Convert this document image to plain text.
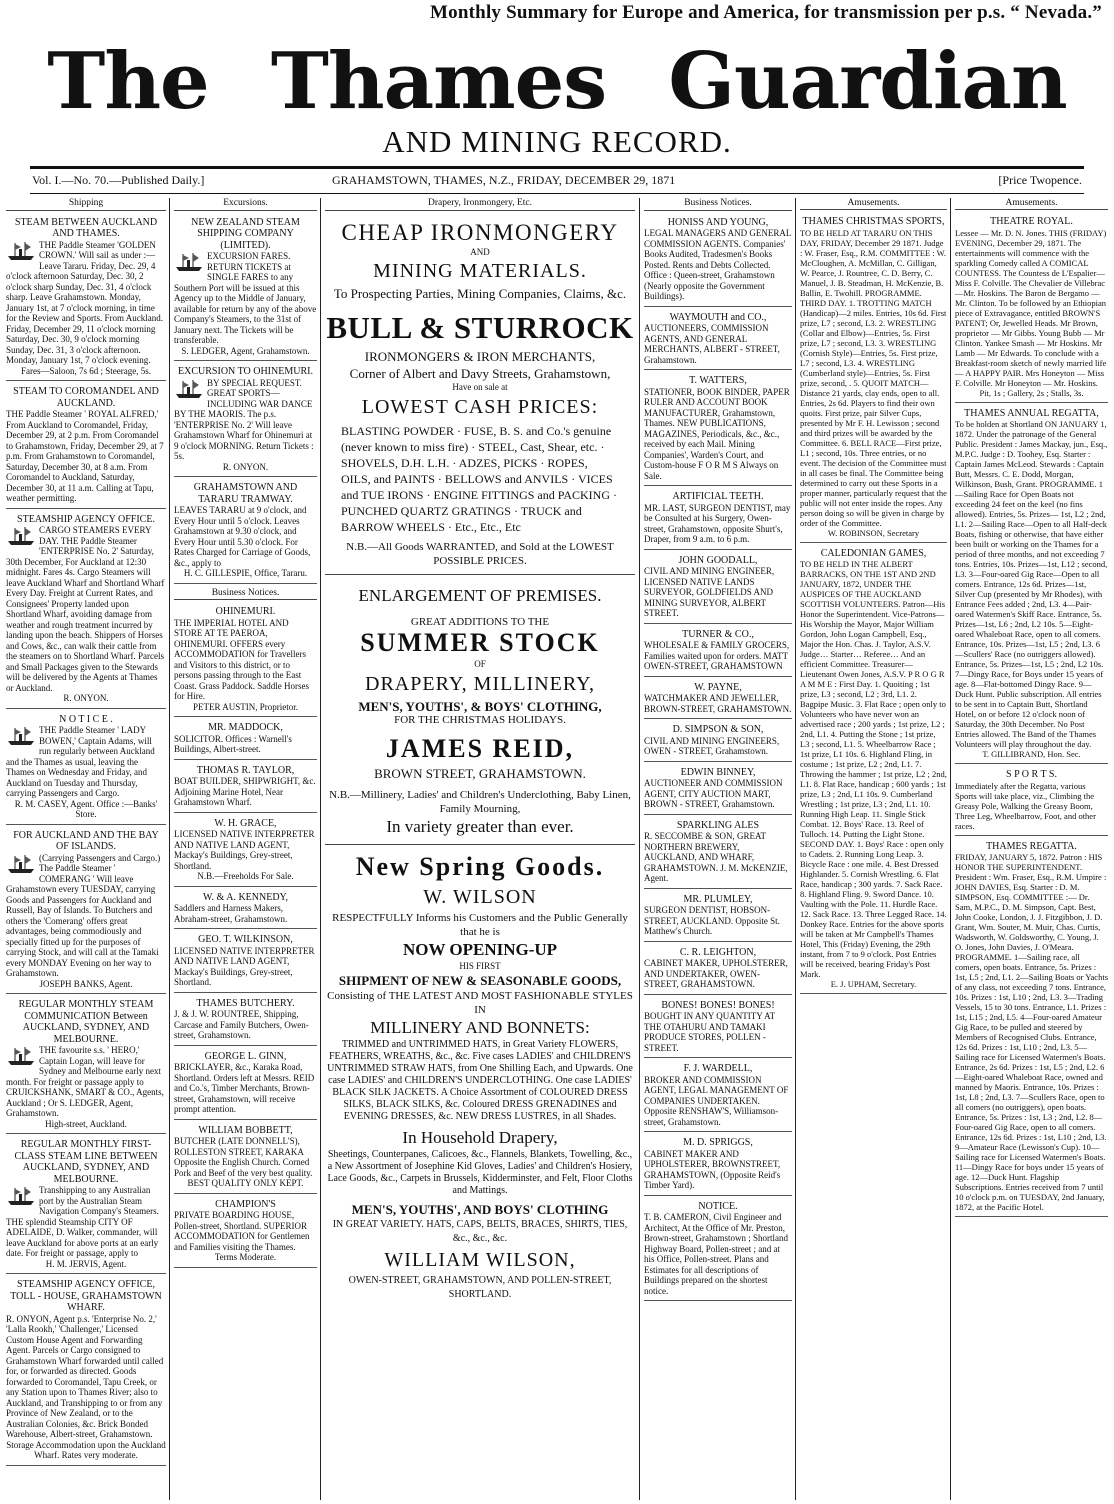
Monthly Summary for Europe and America, for transmission per p.s. “ Nevada.”
The Thames Guardian
AND MINING RECORD.
Vol. I.—No. 70.—Published Daily.]	GRAHAMSTOWN, THAMES, N.Z., FRIDAY, DECEMBER 29, 1871	[Price Twopence.
Shipping

STEAM BETWEEN AUCKLAND AND THAMES.

THE Paddle Steamer 'GOLDEN CROWN.' Will sail as under :— Leave Tararu. Friday, Dec. 29, 4 o'clock afternoon Saturday, Dec. 30, 2 o'clock sharp Sunday, Dec. 31, 4 o'clock sharp. Leave Grahamstown. Monday, January 1st, at 7 o'clock morning, in time for the Review and Sports. From Auckland. Friday, December 29, 11 o'clock morning Saturday, Dec. 30, 9 o'clock morning Sunday, Dec. 31, 3 o'clock afternoon. Monday, January 1st, 7 o'clock evening.

Fares—Saloon, 7s 6d ; Steerage, 5s.

STEAM TO COROMANDEL AND AUCKLAND.

THE Paddle Steamer ' ROYAL ALFRED,' From Auckland to Coromandel, Friday, December 29, at 2 p.m. From Coromandel to Grahamstown, Friday, December 29, at 7 p.m. From Grahamstown to Coromandel, Saturday, December 30, at 8 a.m. From Coromandel to Auckland, Saturday, December 30, at 11 a.m. Calling at Tapu, weather permitting.

STEAMSHIP AGENCY OFFICE.

CARGO STEAMERS EVERY DAY. THE Paddle Steamer 'ENTERPRISE No. 2' Saturday, 30th December, For Auckland at 12:30 midnight. Fares 4s. Cargo Steamers will leave Auckland Wharf and Shortland Wharf Every Day. Freight at Current Rates, and Consignees' Property landed upon Shortland Wharf, avoiding damage from weather and rough treatment incurred by landing upon the beach. Shippers of Horses and Cows, &c., can walk their cattle from the steamers on to Shortland Wharf. Parcels and Small Packages given to the Stewards will be delivered by the Agents at Thames or Auckland.

R. ONYON.

N O T I C E .

THE Paddle Steamer ' LADY BOWEN,' Captain Adams, will run regularly between Auckland and the Thames as usual, leaving the Thames on Wednesday and Friday, and Auckland on Tuesday and Thursday, carrying Passengers and Cargo.

R. M. CASEY, Agent. Office :—Banks' Store.

FOR AUCKLAND AND THE BAY OF ISLANDS.

(Carrying Passengers and Cargo.) The Paddle Steamer ' COMERANG ' Will leave Grahamstown every TUESDAY, carrying Goods and Passengers for Auckland and Russell, Bay of Islands. To Butchers and others the 'Comerang' offers great advantages, being commodiously and specially fitted up for the purposes of carrying Stock, and will call at the Tamaki every MONDAY Evening on her way to Grahamstown.

JOSEPH BANKS, Agent.

REGULAR MONTHLY STEAM COMMUNICATION Between AUCKLAND, SYDNEY, AND MELBOURNE.

THE favourite s.s. ' HERO,' Captain Logan, will leave for Sydney and Melbourne early next month. For freight or passage apply to CRUICKSHANK, SMART & CO., Agents, Auckland ; Or S. LEDGER, Agent, Grahamstown.

High-street, Auckland.

REGULAR MONTHLY FIRST-CLASS STEAM LINE BETWEEN AUCKLAND, SYDNEY, AND MELBOURNE.

Transhipping to any Australian port by the Australian Steam Navigation Company's Steamers. THE splendid Steamship CITY OF ADELAIDE, D. Walker, commander, will leave Auckland for above ports at an early date. For freight or passage, apply to

H. M. JERVIS, Agent.

STEAMSHIP AGENCY OFFICE, TOLL - HOUSE, GRAHAMSTOWN WHARF.

R. ONYON, Agent p.s. 'Enterprise No. 2,' 'Lalla Rookh,' 'Challenger,' Licensed Custom House Agent and Forwarding Agent. Parcels or Cargo consigned to Grahamstown Wharf forwarded until called for, or forwarded as directed. Goods forwarded to Coromandel, Tapu Creek, or any Station upon to Thames River; also to Auckland, and Transhipping to or from any Province of New Zealand, or to the Australian Colonies, &c. Brick Bonded Warehouse, Albert-street, Grahamstown.

Storage Accommodation upon the Auckland Wharf. Rates very moderate.

Excursions.

NEW ZEALAND STEAM SHIPPING COMPANY (LIMITED).

EXCURSION FARES. RETURN TICKETS at SINGLE FARES to any Southern Port will be issued at this Agency up to the Middle of January, available for return by any of the above Company's Steamers, to the 31st of January next. The Tickets will be transferable.

S. LEDGER, Agent, Grahamstown.

EXCURSION TO OHINEMURI.

BY SPECIAL REQUEST. GREAT SPORTS—INCLUDING WAR DANCE BY THE MAORIS. The p.s. 'ENTERPRISE No. 2' Will leave Grahamstown Wharf for Ohinemuri at 9 o'clock MORNING. Return Tickets : 5s.

R. ONYON.

GRAHAMSTOWN AND TARARU TRAMWAY.

LEAVES TARARU at 9 o'clock, and Every Hour until 5 o'clock. Leaves Grahamstown at 9.30 o'clock, and Every Hour until 5.30 o'clock. For Rates Charged for Carriage of Goods, &c., apply to

H. C. GILLESPIE, Office, Tararu.

Business Notices.

OHINEMURI.

THE IMPERIAL HOTEL AND STORE AT TE PAEROA, OHINEMURI. OFFERS every ACCOMMODATION for Travellers and Visitors to this district, or to persons passing through to the East Coast. Grass Paddock. Saddle Horses for Hire.

PETER AUSTIN, Proprietor.

MR. MADDOCK,

SOLICITOR. Offices : Warnell's Buildings, Albert-street.

THOMAS R. TAYLOR,

BOAT BUILDER, SHIPWRIGHT, &c. Adjoining Marine Hotel, Near Grahamstown Wharf.

W. H. GRACE,

LICENSED NATIVE INTERPRETER AND NATIVE LAND AGENT, Mackay's Buildings, Grey-street, Shortland.

N.B.—Freeholds For Sale.

W. & A. KENNEDY,

Saddlers and Harness Makers, Abraham-street, Grahamstown.

GEO. T. WILKINSON,

LICENSED NATIVE INTERPRETER AND NATIVE LAND AGENT, Mackay's Buildings, Grey-street, Shortland.

THAMES BUTCHERY.

J. & J. W. ROUNTREE, Shipping, Carcase and Family Butchers, Owen-street, Grahamstown.

GEORGE L. GINN,

BRICKLAYER, &c., Karaka Road, Shortland. Orders left at Messrs. REID and Co.'s, Timber Merchants, Brown-street, Grahamstown, will receive prompt attention.

WILLIAM BOBBETT,

BUTCHER (LATE DONNELL'S), ROLLESTON STREET, KARAKA Opposite the English Church. Corned Pork and Beef of the very best quality.

BEST QUALITY ONLY KEPT.

CHAMPION'S

PRIVATE BOARDING HOUSE, Pollen-street, Shortland. SUPERIOR ACCOMMODATION for Gentlemen and Families visiting the Thames.

Terms Moderate.

Drapery, Ironmongery, Etc.
CHEAP IRONMONGERY
AND
MINING MATERIALS.
To Prospecting Parties, Mining Companies, Claims, &c.
BULL & STURROCK
IRONMONGERS & IRON MERCHANTS,
Corner of Albert and Davy Streets, Grahamstown,
Have on sale at
LOWEST CASH PRICES:
BLASTING POWDER · FUSE, B. S. and Co.'s genuine (never known to miss fire) · STEEL, Cast, Shear, etc. · SHOVELS, D.H. L.H. · ADZES, PICKS · ROPES, OILS, and PAINTS · BELLOWS and ANVILS · VICES and TUE IRONS · ENGINE FITTINGS and PACKING · PUNCHED QUARTZ GRATINGS · TRUCK and BARROW WHEELS · Etc., Etc., Etc
N.B.—All Goods WARRANTED, and Sold at the LOWEST POSSIBLE PRICES.
ENLARGEMENT OF PREMISES.
GREAT ADDITIONS TO THE
SUMMER STOCK
OF
DRAPERY, MILLINERY,
MEN'S, YOUTHS', & BOYS' CLOTHING,
FOR THE CHRISTMAS HOLIDAYS.
JAMES REID,
BROWN STREET, GRAHAMSTOWN.
N.B.—Millinery, Ladies' and Children's Underclothing, Baby Linen, Family Mourning,
In variety greater than ever.
New Spring Goods.
W. WILSON
RESPECTFULLY Informs his Customers and the Public Generally that he is
NOW OPENING-UP
HIS FIRST
SHIPMENT OF NEW & SEASONABLE GOODS,
Consisting of THE LATEST AND MOST FASHIONABLE STYLES IN
MILLINERY AND BONNETS:
TRIMMED and UNTRIMMED HATS, in Great Variety FLOWERS, FEATHERS, WREATHS, &c., &c. Five cases LADIES' and CHILDREN'S UNTRIMMED STRAW HATS, from One Shilling Each, and Upwards. One case LADIES' and CHILDREN'S UNDERCLOTHING. One case LADIES' BLACK SILK JACKETS. A Choice Assortment of COLOURED DRESS SILKS, BLACK SILKS, &c. Coloured DRESS GRENADINES and EVENING DRESSES, &c. NEW DRESS LUSTRES, in all Shades.
In Household Drapery,
Sheetings, Counterpanes, Calicoes, &c., Flannels, Blankets, Towelling, &c., a New Assortment of Josephine Kid Gloves, Ladies' and Children's Hosiery, Lace Goods, &c., Carpets in Brussels, Kidderminster, and Felt, Floor Cloths and Mattings.
MEN'S, YOUTHS', AND BOYS' CLOTHING
IN GREAT VARIETY. HATS, CAPS, BELTS, BRACES, SHIRTS, TIES, &c., &c., &c.
WILLIAM WILSON,
OWEN-STREET, GRAHAMSTOWN, AND POLLEN-STREET, SHORTLAND.
Business Notices.

HONISS AND YOUNG,

LEGAL MANAGERS AND GENERAL COMMISSION AGENTS. Companies' Books Audited, Tradesmen's Books Posted. Rents and Debts Collected. Office : Queen-street, Grahamstown (Nearly opposite the Government Buildings).

WAYMOUTH and CO.,

AUCTIONEERS, COMMISSION AGENTS, AND GENERAL MERCHANTS, ALBERT - STREET, Grahamstown.

T. WATTERS,

STATIONER, BOOK BINDER, PAPER RULER AND ACCOUNT BOOK MANUFACTURER, Grahamstown, Thames. NEW PUBLICATIONS, MAGAZINES, Periodicals, &c., &c., received by each Mail. Mining Companies', Warden's Court, and Custom-house F O R M S Always on Sale.

ARTIFICIAL TEETH.

MR. LAST, SURGEON DENTIST, may be Consulted at his Surgery, Owen-street, Grahamstown, opposite Shurt's, Draper, from 9 a.m. to 6 p.m.

JOHN GOODALL,

CIVIL AND MINING ENGINEER, LICENSED NATIVE LANDS SURVEYOR, GOLDFIELDS AND MINING SURVEYOR, ALBERT STREET.

TURNER & CO.,

WHOLESALE & FAMILY GROCERS, Families waited upon for orders. MATT OWEN-STREET, GRAHAMSTOWN

W. PAYNE,

WATCHMAKER AND JEWELLER, BROWN-STREET, GRAHAMSTOWN.

D. SIMPSON & SON,

CIVIL AND MINING ENGINEERS, OWEN - STREET, Grahamstown.

EDWIN BINNEY,

AUCTIONEER AND COMMISSION AGENT, CITY AUCTION MART, BROWN - STREET, Grahamstown.

SPARKLING ALES

R. SECCOMBE & SON, GREAT NORTHERN BREWERY, AUCKLAND, AND WHARF, GRAHAMSTOWN. J. M. McKENZIE, Agent.

MR. PLUMLEY,

SURGEON DENTIST, HOBSON-STREET, AUCKLAND. Opposite St. Matthew's Church.

C. R. LEIGHTON,

CABINET MAKER, UPHOLSTERER, AND UNDERTAKER, OWEN-STREET, GRAHAMSTOWN.

BONES! BONES! BONES!

BOUGHT IN ANY QUANTITY AT THE OTAHURU AND TAMAKI PRODUCE STORES, POLLEN - STREET.

F. J. WARDELL,

BROKER AND COMMISSION AGENT, LEGAL MANAGEMENT OF COMPANIES UNDERTAKEN. Opposite RENSHAW'S, Williamson-street, Grahamstown.

M. D. SPRIGGS,

CABINET MAKER AND UPHOLSTERER, BROWNSTREET, GRAHAMSTOWN, (Opposite Reid's Timber Yard).

NOTICE.

T. B. CAMERON, Civil Engineer and Architect, At the Office of Mr. Preston, Brown-street, Grahamstown ; Shortland Highway Board, Pollen-street ; and at his Office, Pollen-street. Plans and Estimates for all descriptions of Buildings prepared on the shortest notice.

Amusements.

THAMES CHRISTMAS SPORTS,

TO BE HELD AT TARARU ON THIS DAY, FRIDAY, December 29 1871. Judge : W. Fraser, Esq., R.M. COMMITTEE : W. McCloughen, A. McMillan, C. Gilligan, W. Pearce, J. Rountree, C. D. Berry, C. Manuel, J. B. Steadman, H. McKenzie, B. Ballin, E. Twohill. PROGRAMME. THIRD DAY. 1. TROTTING MATCH (Handicap)—2 miles. Entries, 10s 6d. First prize, L7 ; second, L3. 2. WRESTLING (Collar and Elbow)—Entries, 5s. First prize, L7 ; second, L3. 3. WRESTLING (Cornish Style)—Entries, 5s. First prize, L7 ; second, L3. 4. WRESTLING (Cumberland style)—Entries, 5s. First prize, second, . 5. QUOIT MATCH—Distance 21 yards, clay ends, open to all. Entries, 2s 6d. Players to find their own quoits. First prize, pair Silver Cups, presented by Mr F. H. Lewisson ; second and third prizes will be awarded by the Committee. 6. BELL RACE—First prize, L1 ; second, 10s. Three entries, or no event. The decision of the Committee must in all cases be final. The Committee being determined to carry out these Sports in a proper manner, particularly request that the public will not enter inside the ropes. Any person doing so will be given in charge by order of the Committee.

W. ROBINSON, Secretary

CALEDONIAN GAMES,

TO BE HELD IN THE ALBERT BARRACKS, ON THE 1ST AND 2ND JANUARY, 1872, UNDER THE AUSPICES OF THE AUCKLAND SCOTTISH VOLUNTEERS. Patron—His Honor the Superintendent. Vice-Patrons—His Worship the Mayor, Major William Gordon, John Logan Campbell, Esq., Major the Hon. Chas. J. Taylor, A.S.V. Judge… Starter… Referee… And an efficient Committee. Treasurer—Lieutenant Owen Jones, A.S.V. P R O G R A M M E : First Day. 1. Quoiting ; 1st prize, L3 ; second, L2 ; 3rd, L1. 2. Bagpipe Music. 3. Flat Race ; open only to Volunteers who have never won an advertised race ; 200 yards ; 1st prize, L2 ; 2nd, L1. 4. Putting the Stone ; 1st prize, L3 ; second, L1. 5. Wheelbarrow Race ; 1st prize, L1 10s. 6. Highland Fling, in costume ; 1st prize, L2 ; 2nd, L1. 7. Throwing the hammer ; 1st prize, L2 ; 2nd, L1. 8. Flat Race, handicap ; 600 yards ; 1st prize, L3 ; 2nd, L1 10s. 9. Cumberland Wrestling ; 1st prize, L3 ; 2nd, L1. 10. Running High Leap. 11. Single Stick Combat. 12. Boys' Race. 13. Reel of Tulloch. 14. Putting the Light Stone. SECOND DAY. 1. Boys' Race : open only to Cadets. 2. Running Long Leap. 3. Bicycle Race : one mile. 4. Best Dressed Highlander. 5. Cornish Wrestling. 6. Flat Race, handicap ; 300 yards. 7. Sack Race. 8. Highland Fling. 9. Sword Dance. 10. Vaulting with the Pole. 11. Hurdle Race. 12. Sack Race. 13. Three Legged Race. 14. Donkey Race. Entries for the above sports will be taken at Mr Campbell's Thames Hotel, This (Friday) Evening, the 29th instant, from 7 to 9 o'clock. Post Entries will be received, bearing Friday's Post Mark.

E. J. UPHAM, Secretary.

Amusements.

THEATRE ROYAL.

Lessee — Mr. D. N. Jones. THIS (FRIDAY) EVENING, December 29, 1871. The entertainments will commence with the sparkling Comedy called A COMICAL COUNTESS. The Countess de L'Espalier—Miss F. Colville. The Chevalier de Villebrac—Mr. Hoskins. The Baron de Bergamo —Mr. Clinton. To be followed by an Ethiopian piece of Extravagance, entitled BROWN'S PATENT; Or, Jewelled Heads. Mr Brown, proprietor — Mr Gibbs. Young Bubb — Mr Clinton. Yankee Smash — Mr Hoskins. Mr Lamb — Mr Edwards. To conclude with a Breakfast-room sketch of newly married life— A HAPPY PAIR. Mrs Honeyton — Miss F. Colville. Mr Honeyton — Mr. Hoskins.

Pit, 1s ; Gallery, 2s ; Stalls, 3s.

THAMES ANNUAL REGATTA,

To be holden at Shortland ON JANUARY 1, 1872. Under the patronage of the General Public. President : James Mackay, jun., Esq., M.P.C. Judge : D. Toohey, Esq. Starter : Captain James McLeod. Stewards : Captain Butt, Messrs. C. E. Dodd, Morgan, Wilkinson, Bush, Grant. PROGRAMME. 1—Sailing Race for Open Boats not exceeding 24 feet on the keel (no fins allowed). Entries, 5s. Prizes— 1st, L2 ; 2nd, L1. 2—Sailing Race—Open to all Half-deck Boats, fishing or otherwise, that have either been built or working on the Thames for a period of three months, and not exceeding 7 tons. Entries, 10s. Prizes—1st, L12 ; second, L3. 3—Four-oared Gig Race—Open to all comers. Entrance, 12s 6d. Prizes—1st, Silver Cup (presented by Mr Rhodes), with Entrance Fees added ; 2nd, L3. 4—Pair-oared Watermen's Skiff Race. Entrance, 5s. Prizes—1st, L6 ; 2nd, L2 10s. 5—Eight-oared Whaleboat Race, open to all comers. Entrance, 10s. Prizes—1st, L5 ; 2nd, L3. 6—Scullers' Race (no outriggers allowed). Entrance, 5s. Prizes—1st, L5 ; 2nd, L2 10s. 7—Dingy Race, for Boys under 15 years of age. 8—Flat-bottomed Dingy Race. 9—Duck Hunt. Public subscription. All entries to be sent in to Captain Butt, Shortland Hotel, on or before 12 o'clock noon of Saturday, the 30th December. No Post Entries allowed. The Band of the Thames Volunteers will play throughout the day.

T. GILLIBRAND, Hon. Sec.

S P O R T S.

Immediately after the Regatta, various Sports will take place, viz., Climbing the Greasy Pole, Walking the Greasy Boom, Three Leg, Wheelbarrow, Foot, and other races.

THAMES REGATTA.

FRIDAY, JANUARY 5, 1872. Patron : HIS HONOR THE SUPERINTENDENT. President : Wm. Fraser, Esq., R.M. Umpire : JOHN DAVIES, Esq. Starter : D. M. SIMPSON, Esq. COMMITTEE :— Dr. Sam, M.P.C., D. M. Simpson, Capt. Best, John Cooke, London, J. J. Fitzgibbon, J. D. Grant, Wm. Souter, M. Muir, Chas. Curtis, Wadsworth, W. Goldsworthy, C. Young, J. O. Jones, John Davies, J. O'Meara. PROGRAMME. 1—Sailing race, all comers, open boats. Entrance, 5s. Prizes : 1st, L5 ; 2nd, L1. 2—Sailing Boats or Yachts of any class, not exceeding 7 tons. Entrance, 10s. Prizes : 1st, L10 ; 2nd, L3. 3—Trading Vessels, 15 to 30 tons. Entrance, L1. Prizes : 1st, L15 ; 2nd, L5. 4—Four-oared Amateur Gig Race, to be pulled and steered by Members of Recognised Clubs. Entrance, 12s 6d. Prizes : 1st, L10 ; 2nd, L3. 5—Sailing race for Licensed Watermen's Boats. Entrance, 2s 6d. Prizes : 1st, L5 ; 2nd, L2. 6—Eight-oared Whaleboat Race, owned and manned by Maoris. Entrance, 10s. Prizes : 1st, L8 ; 2nd, L3. 7—Scullers Race, open to all comers (no outriggers), open boats. Entrance, 5s. Prizes : 1st, L3 ; 2nd, L2. 8—Four-oared Gig Race, open to all comers. Entrance, 12s 6d. Prizes : 1st, L10 ; 2nd, L3. 9—Amateur Race (Lewisson's Cup). 10—Sailing race for Licensed Watermen's Boats. 11—Dingy Race for boys under 15 years of age. 12—Duck Hunt. Flagship Subscriptions. Entries received from 7 until 10 o'clock p.m. on TUESDAY, 2nd January, 1872, at the Pacific Hotel.
